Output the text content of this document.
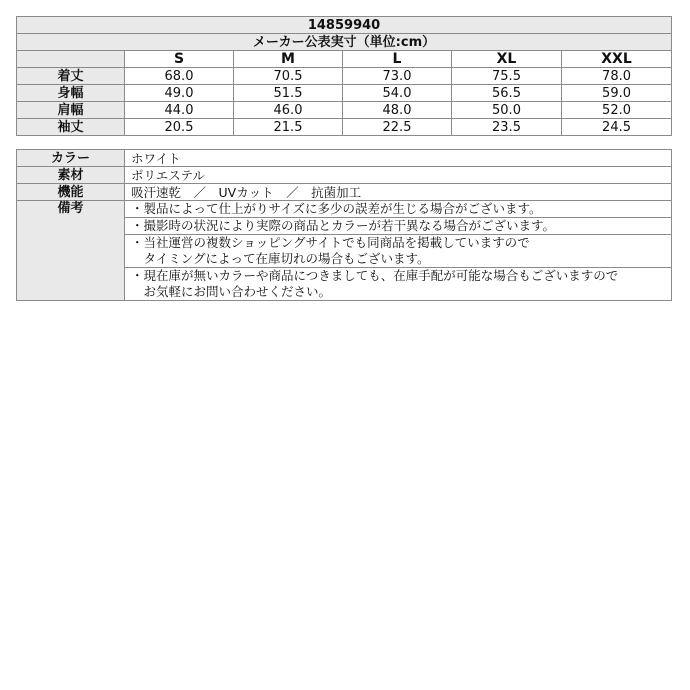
14859940					
メーカー公表実寸（単位:cm）					
	S	M	L	XL	XXL
着丈	68.0	70.5	73.0	75.5	78.0
身幅	49.0	51.5	54.0	56.5	59.0
肩幅	44.0	46.0	48.0	50.0	52.0
袖丈	20.5	21.5	22.5	23.5	24.5
カラー	ホワイト
素材	ポリエステル
機能	吸汗速乾　／　UVカット　／　抗菌加工
備考	・製品によって仕上がりサイズに多少の誤差が生じる場合がございます。

	・撮影時の状況により実際の商品とカラーが若干異なる場合がございます。

	・当社運営の複数ショッピングサイトでも同商品を掲載していますので
　タイミングによって在庫切れの場合もございます。

	・現在庫が無いカラーや商品につきましても、在庫手配が可能な場合もございますので
　お気軽にお問い合わせください。
